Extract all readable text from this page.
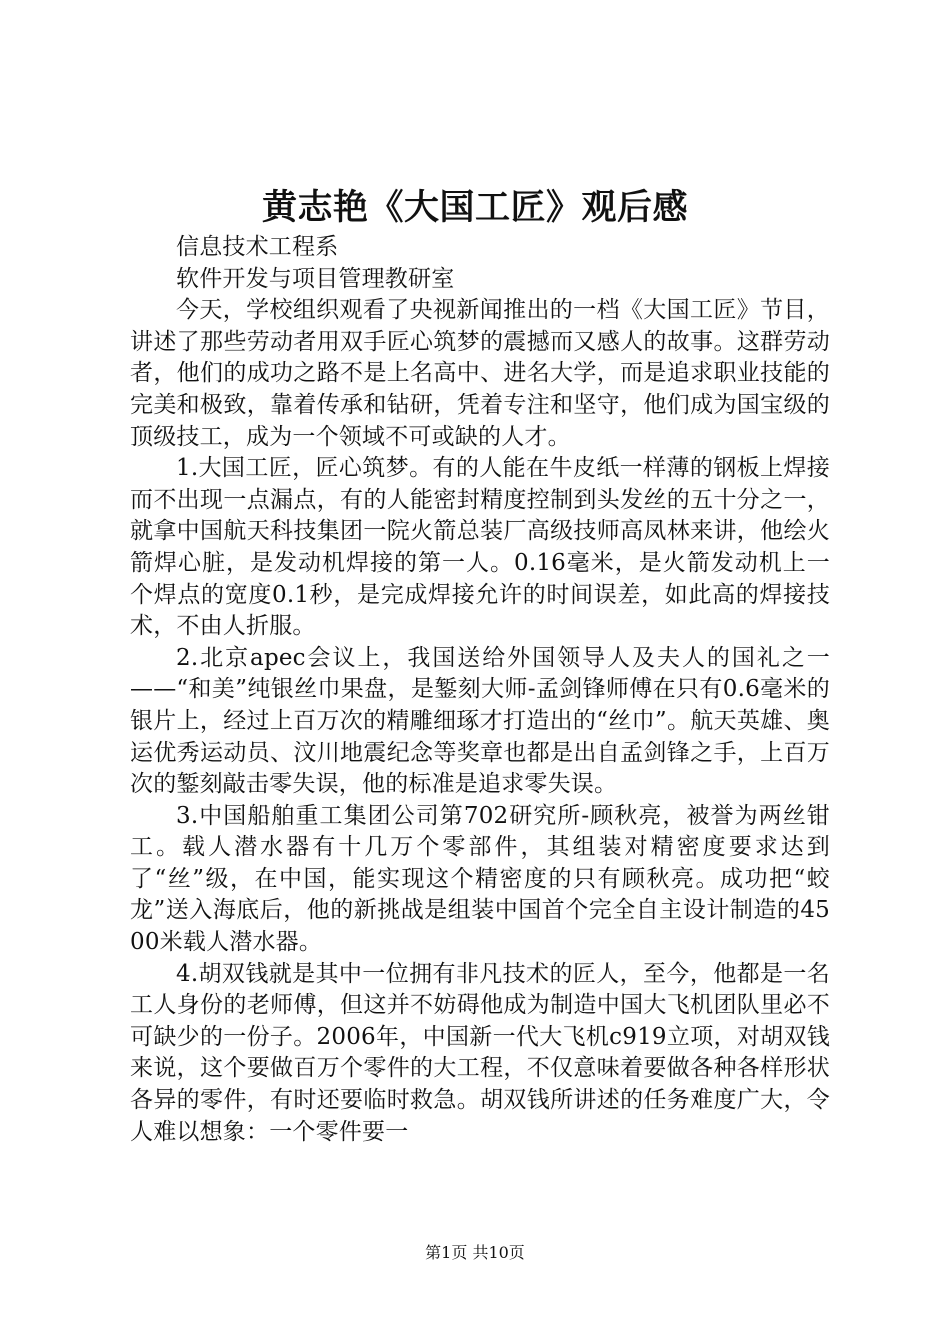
黄志艳《大国工匠》观后感

信息技术工程系

软件开发与项目管理教研室

今天，学校组织观看了央视新闻推出的一档《大国工匠》节目，讲述了那些劳动者用双手匠心筑梦的震撼而又感人的故事。这群劳动者，他们的成功之路不是上名高中、进名大学，而是追求职业技能的完美和极致，靠着传承和钻研，凭着专注和坚守，他们成为国宝级的顶级技工，成为一个领域不可或缺的人才。

1.大国工匠，匠心筑梦。有的人能在牛皮纸一样薄的钢板上焊接而不出现一点漏点，有的人能密封精度控制到头发丝的五十分之一，就拿中国航天科技集团一院火箭总装厂高级技师高凤林来讲，他绘火箭焊心脏，是发动机焊接的第一人。0.16毫米，是火箭发动机上一个焊点的宽度0.1秒，是完成焊接允许的时间误差，如此高的焊接技术，不由人折服。

2.北京apec会议上，我国送给外国领导人及夫人的国礼之一——“和美”纯银丝巾果盘，是錾刻大师-孟剑锋师傅在只有0.6毫米的银片上，经过上百万次的精雕细琢才打造出的“丝巾”。航天英雄、奥运优秀运动员、汶川地震纪念等奖章也都是出自孟剑锋之手，上百万次的錾刻敲击零失误，他的标准是追求零失误。

3.中国船舶重工集团公司第702研究所-顾秋亮，被誉为两丝钳工。载人潜水器有十几万个零部件，其组装对精密度要求达到了“丝”级，在中国，能实现这个精密度的只有顾秋亮。成功把“蛟龙”送入海底后，他的新挑战是组装中国首个完全自主设计制造的4500米载人潜水器。

4.胡双钱就是其中一位拥有非凡技术的匠人，至今，他都是一名工人身份的老师傅，但这并不妨碍他成为制造中国大飞机团队里必不可缺少的一份子。2006年，中国新一代大飞机c919立项，对胡双钱来说，这个要做百万个零件的大工程，不仅意味着要做各种各样形状各异的零件，有时还要临时救急。胡双钱所讲述的任务难度广大，令人难以想象：一个零件要一

第1页 共10页
